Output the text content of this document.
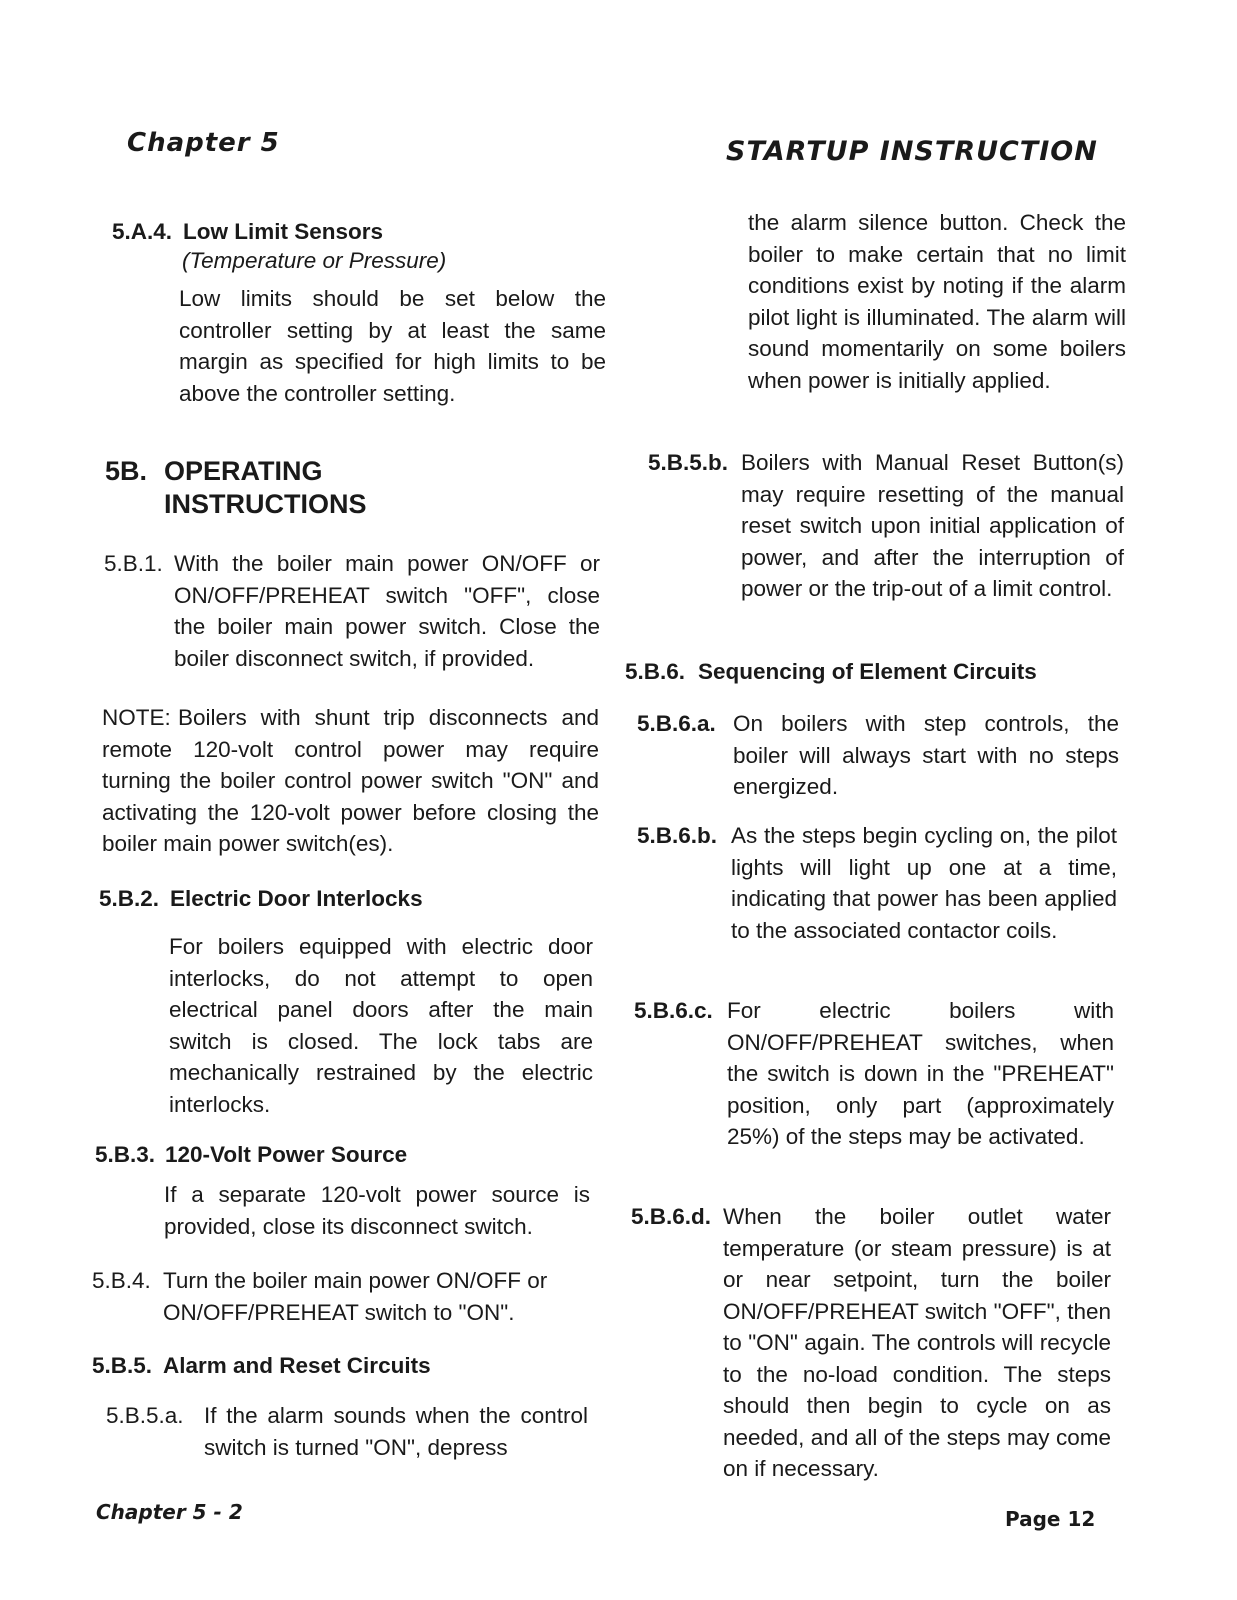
Chapter 5	STARTUP INSTRUCTION
5.A.4. Low Limit Sensors
(Temperature or Pressure)
Low limits should be set below the controller setting by at least the same margin as specified for high limits to be above the controller setting.
5B. OPERATING
INSTRUCTIONS
5.B.1. With the boiler main power ON/OFF or ON/OFF/PREHEAT switch "OFF", close the boiler main power switch. Close the boiler disconnect switch, if provided.
Boilers with shunt trip disconnects and remote 120-volt control power may require turning the boiler control power switch "ON" and activating the 120-volt power before closing the boiler main power switch(es).
NOTE:
5.B.2. Electric Door Interlocks
For boilers equipped with electric door interlocks, do not attempt to open electrical panel doors after the main switch is closed. The lock tabs are mechanically restrained by the electric interlocks.
5.B.3. 120-Volt Power Source
If a separate 120-volt power source is provided, close its disconnect switch.
5.B.4. Turn the boiler main power ON/OFF or ON/OFF/PREHEAT switch to "ON".
5.B.5. Alarm and Reset Circuits
5.B.5.a. If the alarm sounds when the control switch is turned "ON", depress
the alarm silence button. Check the boiler to make certain that no limit conditions exist by noting if the alarm pilot light is illuminated. The alarm will sound momentarily on some boilers when power is initially applied.
5.B.5.b. Boilers with Manual Reset Button(s) may require resetting of the manual reset switch upon initial application of power, and after the interruption of power or the trip-out of a limit control.
5.B.6. Sequencing of Element Circuits
5.B.6.a. On boilers with step controls, the boiler will always start with no steps energized.
5.B.6.b. As the steps begin cycling on, the pilot lights will light up one at a time, indicating that power has been applied to the associated contactor coils.
5.B.6.c. For electric boilers with ON/OFF/PREHEAT switches, when the switch is down in the "PREHEAT" position, only part (approximately 25%) of the steps may be activated.
5.B.6.d. When the boiler outlet water temperature (or steam pressure) is at or near setpoint, turn the boiler ON/OFF/PREHEAT switch "OFF", then to "ON" again. The controls will recycle to the no-load condition. The steps should then begin to cycle on as needed, and all of the steps may come on if necessary.
Chapter 5 - 2	Page 12
